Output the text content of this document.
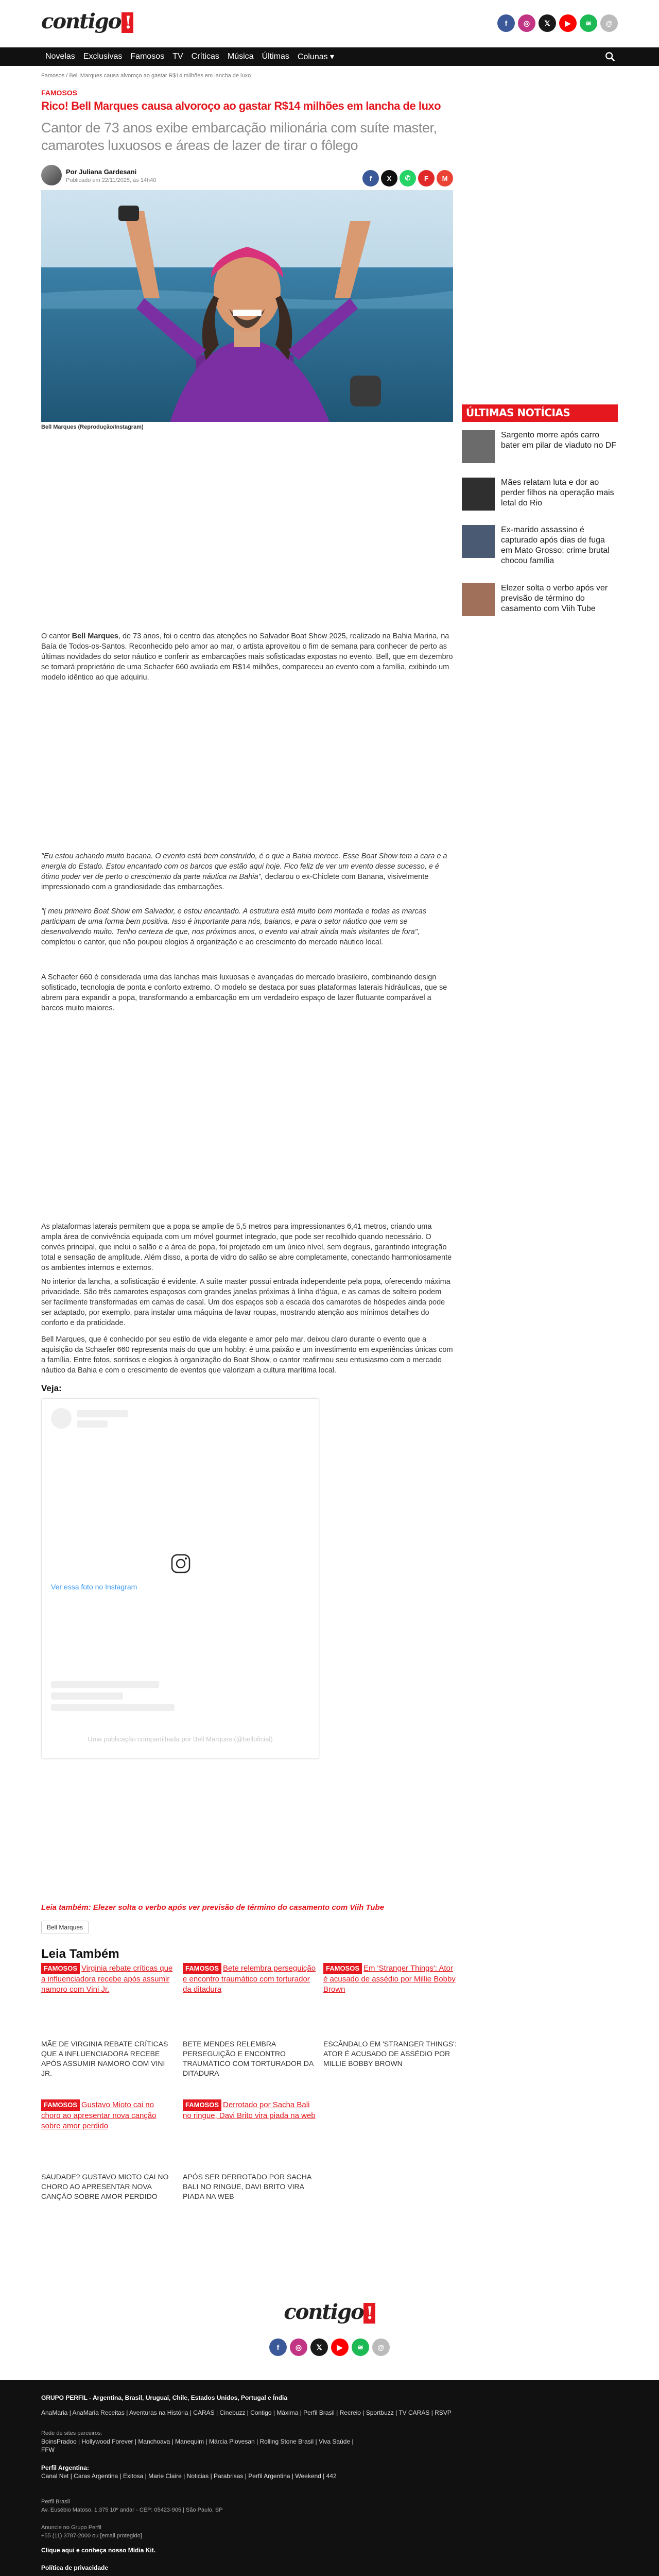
contigo !	f	◎	𝕏	▶	≋	@
Novelas Exclusivas Famosos TV Críticas Música Últimas Colunas ▾
Famosos / Bell Marques causa alvoroço ao gastar R$14 milhões em lancha de luxo
FAMOSOS
Rico! Bell Marques causa alvoroço ao gastar R$14 milhões em lancha de luxo
Cantor de 73 anos exibe embarcação milionária com suíte master, camarotes luxuosos e áreas de lazer de tirar o fôlego
Por Juliana Gardesani
Publicado em 22/11/2025, às 14h40	f	X	✆	F	M
Bell Marques (Reprodução/Instagram)
ÚLTIMAS NOTÍCIAS
Sargento morre após carro bater em pilar de viaduto no DF
Mães relatam luta e dor ao perder filhos na operação mais letal do Rio
Ex-marido assassino é capturado após dias de fuga em Mato Grosso: crime brutal chocou família
Elezer solta o verbo após ver previsão de término do casamento com Viih Tube

O cantor Bell Marques, de 73 anos, foi o centro das atenções no Salvador Boat Show 2025, realizado na Bahia Marina, na Baía de Todos-os-Santos. Reconhecido pelo amor ao mar, o artista aproveitou o fim de semana para conhecer de perto as últimas novidades do setor náutico e conferir as embarcações mais sofisticadas expostas no evento. Bell, que em dezembro se tornará proprietário de uma Schaefer 660 avaliada em R$14 milhões, compareceu ao evento com a família, exibindo um modelo idêntico ao que adquiriu.

"Eu estou achando muito bacana. O evento está bem construído, é o que a Bahia merece. Esse Boat Show tem a cara e a energia do Estado. Estou encantado com os barcos que estão aqui hoje. Fico feliz de ver um evento desse sucesso, e é ótimo poder ver de perto o crescimento da parte náutica na Bahia", declarou o ex-Chiclete com Banana, visivelmente impressionado com a grandiosidade das embarcações.

"[ meu primeiro Boat Show em Salvador, e estou encantado. A estrutura está muito bem montada e todas as marcas participam de uma forma bem positiva. Isso é importante para nós, baianos, e para o setor náutico que vem se desenvolvendo muito. Tenho certeza de que, nos próximos anos, o evento vai atrair ainda mais visitantes de fora", completou o cantor, que não poupou elogios à organização e ao crescimento do mercado náutico local.

A Schaefer 660 é considerada uma das lanchas mais luxuosas e avançadas do mercado brasileiro, combinando design sofisticado, tecnologia de ponta e conforto extremo. O modelo se destaca por suas plataformas laterais hidráulicas, que se abrem para expandir a popa, transformando a embarcação em um verdadeiro espaço de lazer flutuante comparável a barcos muito maiores.

As plataformas laterais permitem que a popa se amplie de 5,5 metros para impressionantes 6,41 metros, criando uma ampla área de convivência equipada com um móvel gourmet integrado, que pode ser recolhido quando necessário. O convés principal, que inclui o salão e a área de popa, foi projetado em um único nível, sem degraus, garantindo integração total e sensação de amplitude. Além disso, a porta de vidro do salão se abre completamente, conectando harmoniosamente os ambientes internos e externos.

No interior da lancha, a sofisticação é evidente. A suíte master possui entrada independente pela popa, oferecendo máxima privacidade. São três camarotes espaçosos com grandes janelas próximas à linha d'água, e as camas de solteiro podem ser facilmente transformadas em camas de casal. Um dos espaços sob a escada dos camarotes de hóspedes ainda pode ser adaptado, por exemplo, para instalar uma máquina de lavar roupas, mostrando atenção aos mínimos detalhes do conforto e da praticidade.

Bell Marques, que é conhecido por seu estilo de vida elegante e amor pelo mar, deixou claro durante o evento que a aquisição da Schaefer 660 representa mais do que um hobby: é uma paixão e um investimento em experiências únicas com a família. Entre fotos, sorrisos e elogios à organização do Boat Show, o cantor reafirmou seu entusiasmo com o mercado náutico da Bahia e com o crescimento de eventos que valorizam a cultura marítima local.

Veja:
Ver essa foto no Instagram
Uma publicação compartilhada por Bell Marques (@belloficial)
Leia também: Elezer solta o verbo após ver previsão de término do casamento com Viih Tube
Bell Marques
Leia Também
FAMOSOS Virginia rebate críticas que a influenciadora recebe após assumir namoro com Vini Jr.
MÃE DE VIRGINIA REBATE CRÍTICAS QUE A INFLUENCIADORA RECEBE APÓS ASSUMIR NAMORO COM VINI JR.
FAMOSOS Bete relembra perseguição e encontro traumático com torturador da ditadura
BETE MENDES RELEMBRA PERSEGUIÇÃO E ENCONTRO TRAUMÁTICO COM TORTURADOR DA DITADURA
FAMOSOS Em 'Stranger Things': Ator é acusado de assédio por Millie Bobby Brown
ESCÂNDALO EM 'STRANGER THINGS': ATOR É ACUSADO DE ASSÉDIO POR MILLIE BOBBY BROWN
FAMOSOS Gustavo Mioto cai no choro ao apresentar nova canção sobre amor perdido
SAUDADE? GUSTAVO MIOTO CAI NO CHORO AO APRESENTAR NOVA CANÇÃO SOBRE AMOR PERDIDO
FAMOSOS Derrotado por Sacha Bali no ringue, Davi Brito vira piada na web
APÓS SER DERROTADO POR SACHA BALI NO RINGUE, DAVI BRITO VIRA PIADA NA WEB
contigo !
f	◎	𝕏	▶	≋	@
GRUPO PERFIL - Argentina, Brasil, Uruguai, Chile, Estados Unidos, Portugal e Índia
AnaMaria | AnaMaria Receitas | Aventuras na História | CARAS | Cinebuzz | Contigo | Máxima | Perfil Brasil | Recreio | Sportbuzz | TV CARAS | RSVP
Rede de sites parceiros:
BoinsPradoo | Hollywood Forever | Manchoava | Manequim | Márcia Piovesan | Rolling Stone Brasil | Viva Saúde | FFW
Perfil Argentina:
Canal Net | Caras Argentina | Exitosa | Marie Claire | Noticias | Parabrisas | Perfil Argentina | Weekend | 442
Perfil Brasil
Av. Eusébio Matoso, 1.375 10º andar - CEP: 05423-905 | São Paulo, SP
Anuncie no Grupo Perfil
+55 (11) 3787-2000 ou [email protegido]
Clique aqui e conheça nosso Mídia Kit.
Política de privacidade
